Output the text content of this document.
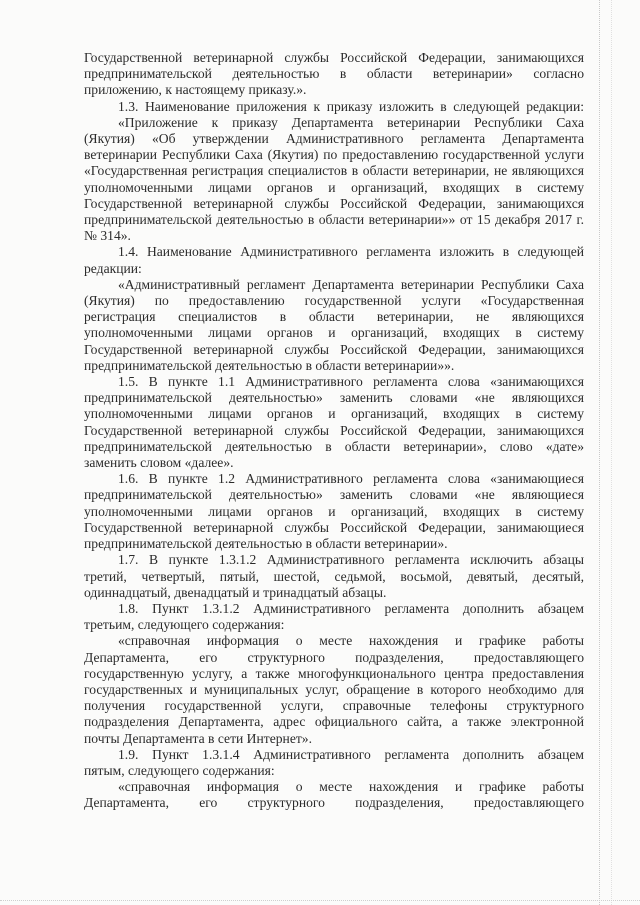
Государственной ветеринарной службы Российской Федерации, занимающихся
предпринимательской деятельностью в области ветеринарии» согласно
приложению, к настоящему приказу.».
1.3. Наименование приложения к приказу изложить в следующей редакции:
«Приложение к приказу Департамента ветеринарии Республики Саха
(Якутия) «Об утверждении Административного регламента Департамента
ветеринарии Республики Саха (Якутия) по предоставлению государственной услуги
«Государственная регистрация специалистов в области ветеринарии, не являющихся
уполномоченными лицами органов и организаций, входящих в систему
Государственной ветеринарной службы Российской Федерации, занимающихся
предпринимательской деятельностью в области ветеринарии»» от 15 декабря 2017 г.
№ 314».
1.4. Наименование Административного регламента изложить в следующей
редакции:
«Административный регламент Департамента ветеринарии Республики Саха
(Якутия) по предоставлению государственной услуги «Государственная
регистрация специалистов в области ветеринарии, не являющихся
уполномоченными лицами органов и организаций, входящих в систему
Государственной ветеринарной службы Российской Федерации, занимающихся
предпринимательской деятельностью в области ветеринарии»».
1.5. В пункте 1.1 Административного регламента слова «занимающихся
предпринимательской деятельностью» заменить словами «не являющихся
уполномоченными лицами органов и организаций, входящих в систему
Государственной ветеринарной службы Российской Федерации, занимающихся
предпринимательской деятельностью в области ветеринарии», слово «дате»
заменить словом «далее».
1.6. В пункте 1.2 Административного регламента слова «занимающиеся
предпринимательской деятельностью» заменить словами «не являющиеся
уполномоченными лицами органов и организаций, входящих в систему
Государственной ветеринарной службы Российской Федерации, занимающиеся
предпринимательской деятельностью в области ветеринарии».
1.7. В пункте 1.3.1.2 Административного регламента исключить абзацы
третий, четвертый, пятый, шестой, седьмой, восьмой, девятый, десятый,
одиннадцатый, двенадцатый и тринадцатый абзацы.
1.8. Пункт 1.3.1.2 Административного регламента дополнить абзацем
третьим, следующего содержания:
«справочная информация о месте нахождения и графике работы
Департамента, его структурного подразделения, предоставляющего
государственную услугу, а также многофункционального центра предоставления
государственных и муниципальных услуг, обращение в которого необходимо для
получения государственной услуги, справочные телефоны структурного
подразделения Департамента, адрес официального сайта, а также электронной
почты Департамента в сети Интернет».
1.9. Пункт 1.3.1.4 Административного регламента дополнить абзацем
пятым, следующего содержания:
«справочная информация о месте нахождения и графике работы
Департамента, его структурного подразделения, предоставляющего
